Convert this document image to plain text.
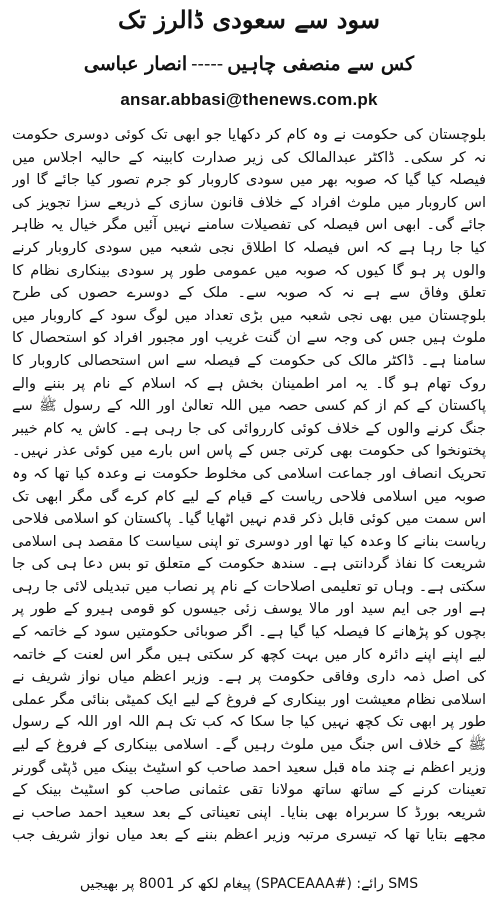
سود سے سعودی ڈالرز تک
کس سے منصفی چاہیں-----انصار عباسی
ansar.abbasi@thenews.com.pk
بلوچستان کی حکومت نے وہ کام کر دکھایا جو ابھی تک کوئی دوسری حکومت نہ کر سکی۔ ڈاکٹر عبدالمالک کی زیر صدارت کابینہ کے حالیہ اجلاس میں فیصلہ کیا گیا کہ صوبہ بھر میں سودی کاروبار کو جرم تصور کیا جائے گا اور اس کاروبار میں ملوث افراد کے خلاف قانون سازی کے ذریعے سزا تجویز کی جائے گی۔ ابھی اس فیصلہ کی تفصیلات سامنے نہیں آئیں مگر خیال یہ ظاہر کیا جا رہا ہے کہ اس فیصلہ کا اطلاق نجی شعبہ میں سودی کاروبار کرنے والوں پر ہو گا کیوں کہ صوبہ میں عمومی طور پر سودی بینکاری نظام کا تعلق وفاق سے ہے نہ کہ صوبہ سے۔ ملک کے دوسرے حصوں کی طرح بلوچستان میں بھی نجی شعبہ میں بڑی تعداد میں لوگ سود کے کاروبار میں ملوث ہیں جس کی وجہ سے ان گنت غریب اور مجبور افراد کو استحصال کا سامنا ہے۔ ڈاکٹر مالک کی حکومت کے فیصلہ سے اس استحصالی کاروبار کا روک تھام ہو گا۔ یہ امر اطمینان بخش ہے کہ اسلام کے نام پر بننے والے پاکستان کے کم از کم کسی حصہ میں اللہ تعالیٰ اور اللہ کے رسول ﷺ سے جنگ کرنے والوں کے خلاف کوئی کارروائی کی جا رہی ہے۔ کاش یہ کام خیبر پختونخوا کی حکومت بھی کرتی جس کے پاس اس بارے میں کوئی عذر نہیں۔ تحریک انصاف اور جماعت اسلامی کی مخلوط حکومت نے وعدہ کیا تھا کہ وہ صوبہ میں اسلامی فلاحی ریاست کے قیام کے لیے کام کرے گی مگر ابھی تک اس سمت میں کوئی قابل ذکر قدم نہیں اٹھایا گیا۔ پاکستان کو اسلامی فلاحی ریاست بنانے کا وعدہ کیا تھا اور دوسری تو اپنی سیاست کا مقصد ہی اسلامی شریعت کا نفاذ گردانتی ہے۔ سندھ حکومت کے متعلق تو بس دعا ہی کی جا سکتی ہے۔ وہاں تو تعلیمی اصلاحات کے نام پر نصاب میں تبدیلی لائی جا رہی ہے اور جی ایم سید اور مالا یوسف زئی جیسوں کو قومی ہیرو کے طور پر بچوں کو پڑھانے کا فیصلہ کیا گیا ہے۔ اگر صوبائی حکومتیں سود کے خاتمہ کے لیے اپنے اپنے دائرہ کار میں بہت کچھ کر سکتی ہیں مگر اس لعنت کے خاتمہ کی اصل ذمہ داری وفاقی حکومت پر ہے۔ وزیر اعظم میاں نواز شریف نے اسلامی نظام معیشت اور بینکاری کے فروغ کے لیے ایک کمیٹی بنائی مگر عملی طور پر ابھی تک کچھ نہیں کیا جا سکا کہ کب تک ہم اللہ اور اللہ کے رسول ﷺ کے خلاف اس جنگ میں ملوث رہیں گے۔ اسلامی بینکاری کے فروغ کے لیے وزیر اعظم نے چند ماہ قبل سعید احمد صاحب کو اسٹیٹ بینک میں ڈپٹی گورنر تعینات کرنے کے ساتھ ساتھ مولانا تقی عثمانی صاحب کو اسٹیٹ بینک کے شریعہ بورڈ کا سربراہ بھی بنایا۔ اپنی تعیناتی کے بعد سعید احمد صاحب نے مجھے بتایا تھا کہ تیسری مرتبہ وزیر اعظم بننے کے بعد میاں نواز شریف جب
SMS رائے: (#SPACEAAA) پیغام لکھ کر 8001 پر بھیجیں
